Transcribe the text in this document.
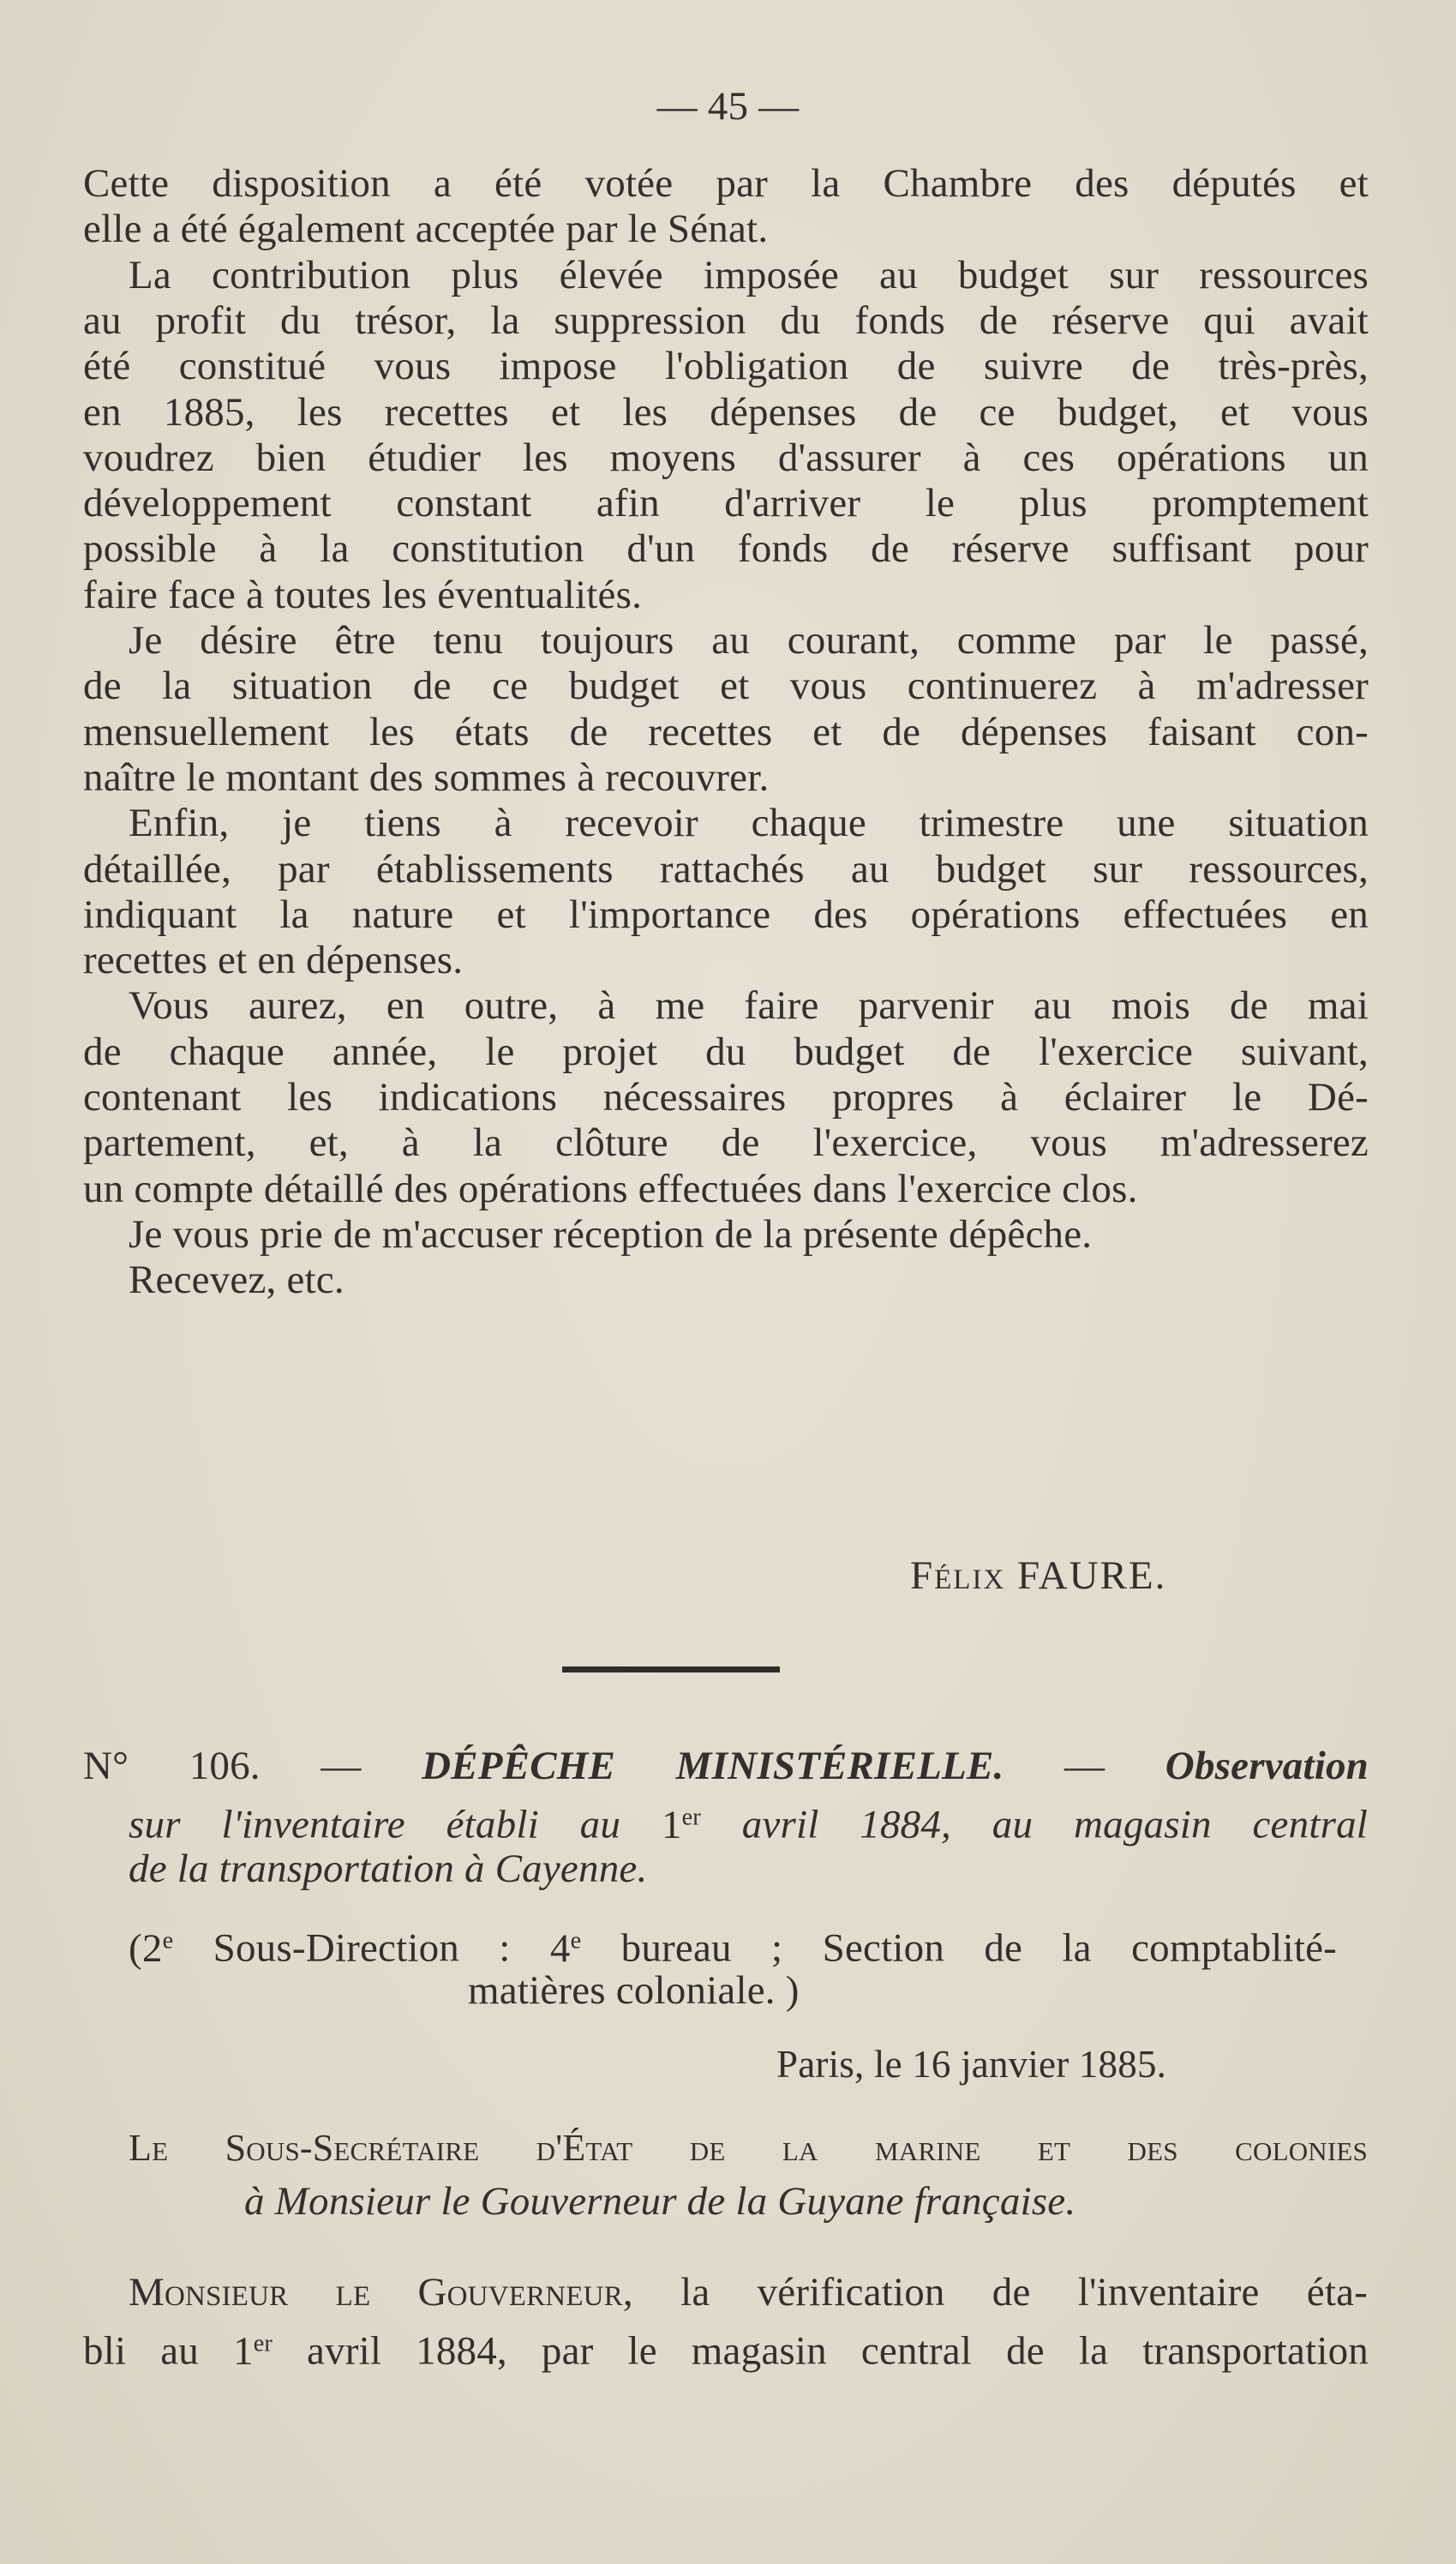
— 45 —
Cette disposition a été votée par la Chambre des députés et
elle a été également acceptée par le Sénat.
La contribution plus élevée imposée au budget sur ressources
au profit du trésor, la suppression du fonds de réserve qui avait
été constitué vous impose l'obligation de suivre de très-près,
en 1885, les recettes et les dépenses de ce budget, et vous
voudrez bien étudier les moyens d'assurer à ces opérations un
développement constant afin d'arriver le plus promptement
possible à la constitution d'un fonds de réserve suffisant pour
faire face à toutes les éventualités.
Je désire être tenu toujours au courant, comme par le passé,
de la situation de ce budget et vous continuerez à m'adresser
mensuellement les états de recettes et de dépenses faisant con-
naître le montant des sommes à recouvrer.
Enfin, je tiens à recevoir chaque trimestre une situation
détaillée, par établissements rattachés au budget sur ressources,
indiquant la nature et l'importance des opérations effectuées en
recettes et en dépenses.
Vous aurez, en outre, à me faire parvenir au mois de mai
de chaque année, le projet du budget de l'exercice suivant,
contenant les indications nécessaires propres à éclairer le Dé-
partement, et, à la clôture de l'exercice, vous m'adresserez
un compte détaillé des opérations effectuées dans l'exercice clos.
Je vous prie de m'accuser réception de la présente dépêche.
Recevez, etc.
Félix FAURE.
N° 106. — DÉPÊCHE MINISTÉRIELLE. — Observation
sur l'inventaire établi au 1er avril 1884, au magasin central
de la transportation à Cayenne.
(2e Sous-Direction : 4e bureau ; Section de la comptablité-
matières coloniale. )
Paris, le 16 janvier 1885.
Le Sous-Secrétaire d'État de la marine et des colonies
à Monsieur le Gouverneur de la Guyane française.
Monsieur le Gouverneur, la vérification de l'inventaire éta-
bli au 1er avril 1884, par le magasin central de la transportation
